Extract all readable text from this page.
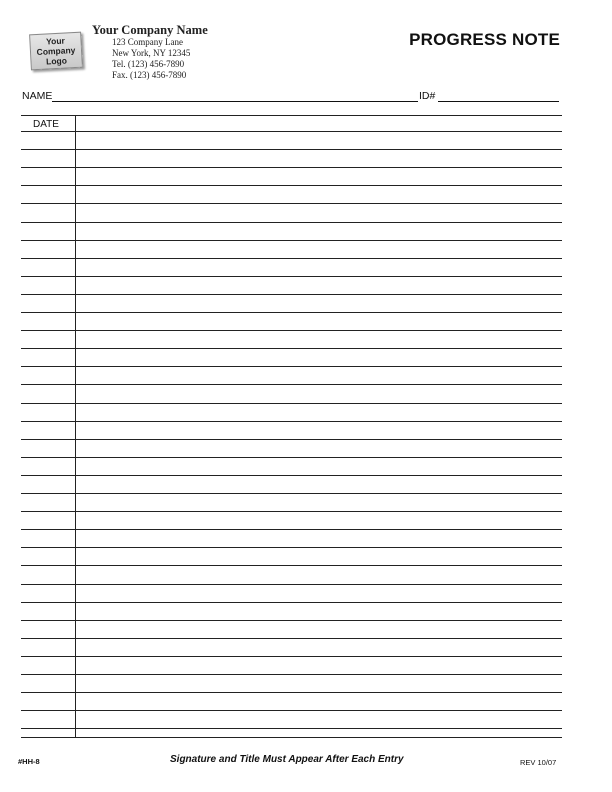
Your
Company
Logo
Your Company Name
123 Company Lane
New York, NY 12345
Tel. (123) 456-7890
Fax. (123) 456-7890
PROGRESS NOTE
NAME	ID#
DATE
#HH-8	Signature and Title Must Appear After Each Entry	REV 10/07
